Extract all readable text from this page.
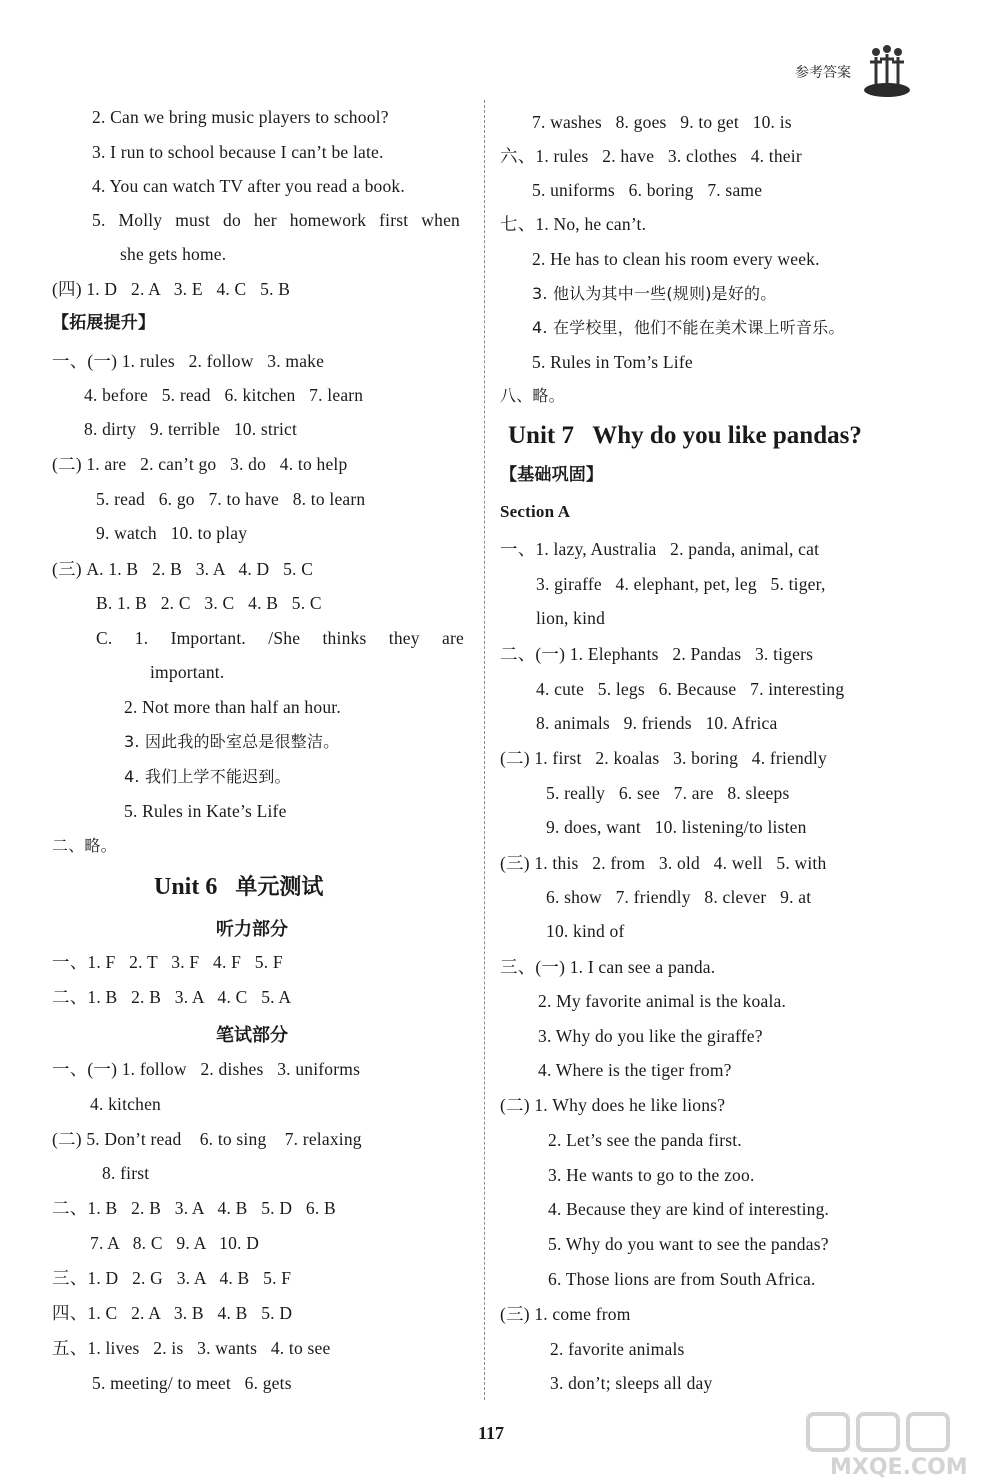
参考答案
2. Can we bring music players to school?
3. I run to school because I can’t be late.
4. You can watch TV after you read a book.
5. Molly must do her homework first when
she gets home.
(四) 1. D   2. A   3. E   4. C   5. B
【拓展提升】
一、(一) 1. rules   2. follow   3. make
4. before   5. read   6. kitchen   7. learn
8. dirty   9. terrible   10. strict
(二) 1. are   2. can’t go   3. do   4. to help
5. read   6. go   7. to have   8. to learn
9. watch   10. to play
(三) A. 1. B   2. B   3. A   4. D   5. C
B. 1. B   2. C   3. C   4. B   5. C
C. 1. Important. /She thinks they are
important.
2. Not more than half an hour.
3. 因此我的卧室总是很整洁。
4. 我们上学不能迟到。
5. Rules in Kate’s Life
二、略。
Unit 6 单元测试
听力部分
一、1. F   2. T   3. F   4. F   5. F
二、1. B   2. B   3. A   4. C   5. A
笔试部分
一、(一) 1. follow   2. dishes   3. uniforms
4. kitchen
(二) 5. Don’t read    6. to sing    7. relaxing
8. first
二、1. B   2. B   3. A   4. B   5. D   6. B
7. A   8. C   9. A   10. D
三、1. D   2. G   3. A   4. B   5. F
四、1. C   2. A   3. B   4. B   5. D
五、1. lives   2. is   3. wants   4. to see
5. meeting/ to meet   6. gets
7. washes   8. goes   9. to get   10. is
六、1. rules   2. have   3. clothes   4. their
5. uniforms   6. boring   7. same
七、1. No, he can’t.
2. He has to clean his room every week.
3. 他认为其中一些(规则)是好的。
4. 在学校里，他们不能在美术课上听音乐。
5. Rules in Tom’s Life
八、略。
Unit 7   Why do you like pandas?
【基础巩固】
Section A
一、1. lazy, Australia   2. panda, animal, cat
3. giraffe   4. elephant, pet, leg   5. tiger,
lion, kind
二、(一) 1. Elephants   2. Pandas   3. tigers
4. cute   5. legs   6. Because   7. interesting
8. animals   9. friends   10. Africa
(二) 1. first   2. koalas   3. boring   4. friendly
5. really   6. see   7. are   8. sleeps
9. does, want   10. listening/to listen
(三) 1. this   2. from   3. old   4. well   5. with
6. show   7. friendly   8. clever   9. at
10. kind of
三、(一) 1. I can see a panda.
2. My favorite animal is the koala.
3. Why do you like the giraffe?
4. Where is the tiger from?
(二) 1. Why does he like lions?
2. Let’s see the panda first.
3. He wants to go to the zoo.
4. Because they are kind of interesting.
5. Why do you want to see the pandas?
6. Those lions are from South Africa.
(三) 1. come from
2. favorite animals
3. don’t; sleeps all day
117
MXQE.COM
